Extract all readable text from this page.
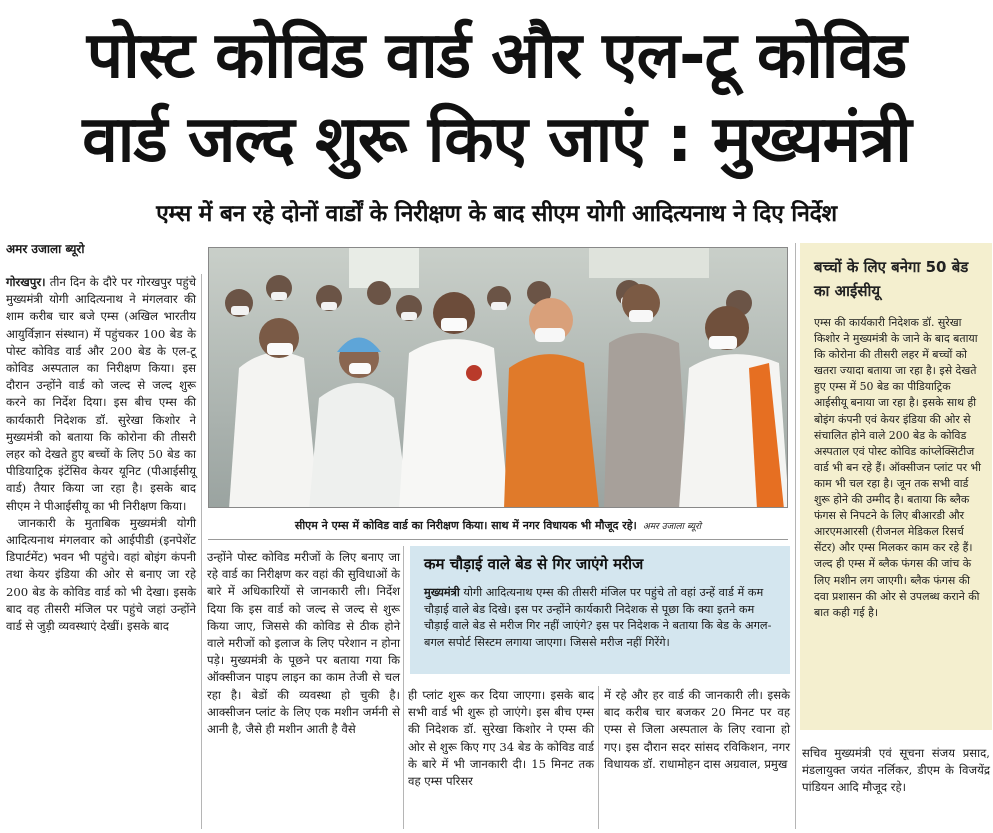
पोस्ट कोविड वार्ड और एल-टू कोविड
वार्ड जल्द शुरू किए जाएं : मुख्यमंत्री
एम्स में बन रहे दोनों वार्डों के निरीक्षण के बाद सीएम योगी आदित्यनाथ ने दिए निर्देश
अमर उजाला ब्यूरो

गोरखपुर। तीन दिन के दौरे पर गोरखपुर पहुंचे मुख्यमंत्री योगी आदित्यनाथ ने मंगलवार की शाम करीब चार बजे एम्स (अखिल भारतीय आयुर्विज्ञान संस्थान) में पहुंचकर 100 बेड के पोस्ट कोविड वार्ड और 200 बेड के एल-टू कोविड अस्पताल का निरीक्षण किया। इस दौरान उन्होंने वार्ड को जल्द से जल्द शुरू करने का निर्देश दिया। इस बीच एम्स की कार्यकारी निदेशक डॉ. सुरेखा किशोर ने मुख्यमंत्री को बताया कि कोरोना की तीसरी लहर को देखते हुए बच्चों के लिए 50 बेड का पीडियाट्रिक इंटेंसिव केयर यूनिट (पीआईसीयू वार्ड) तैयार किया जा रहा है। इसके बाद सीएम ने पीआईसीयू का भी निरीक्षण किया।

जानकारी के मुताबिक मुख्यमंत्री योगी आदित्यनाथ मंगलवार को आईपीडी (इनपेशेंट डिपार्टमेंट) भवन भी पहुंचे। वहां बोइंग कंपनी तथा केयर इंडिया की ओर से बनाए जा रहे 200 बेड के कोविड वार्ड को भी देखा। इसके बाद वह तीसरी मंजिल पर पहुंचे जहां उन्होंने वार्ड से जुड़ी व्यवस्थाएं देखीं। इसके बाद

सीएम ने एम्स में कोविड वार्ड का निरीक्षण किया। साथ में नगर विधायक भी मौजूद रहे। अमर उजाला ब्यूरो

उन्होंने पोस्ट कोविड मरीजों के लिए बनाए जा रहे वार्ड का निरीक्षण कर वहां की सुविधाओं के बारे में अधिकारियों से जानकारी ली। निर्देश दिया कि इस वार्ड को जल्द से जल्द से शुरू किया जाए, जिससे की कोविड से ठीक होने वाले मरीजों को इलाज के लिए परेशान न होना पड़े। मुख्यमंत्री के पूछने पर बताया गया कि ऑक्सीजन पाइप लाइन का काम तेजी से चल रहा है। बेडों की व्यवस्था हो चुकी है। आक्सीजन प्लांट के लिए एक मशीन जर्मनी से आनी है, जैसे ही मशीन आती है वैसे

कम चौड़ाई वाले बेड से गिर जाएंगे मरीज
मुख्यमंत्री योगी आदित्यनाथ एम्स की तीसरी मंजिल पर पहुंचे तो वहां उन्हें वार्ड में कम चौड़ाई वाले बेड दिखे। इस पर उन्होंने कार्यकारी निदेशक से पूछा कि क्या इतने कम चौड़ाई वाले बेड से मरीज गिर नहीं जाएंगे? इस पर निदेशक ने बताया कि बेड के अगल-बगल सपोर्ट सिस्टम लगाया जाएगा। जिससे मरीज नहीं गिरेंगे।

ही प्लांट शुरू कर दिया जाएगा। इसके बाद सभी वार्ड भी शुरू हो जाएंगे। इस बीच एम्स की निदेशक डॉ. सुरेखा किशोर ने एम्स की ओर से शुरू किए गए 34 बेड के कोविड वार्ड के बारे में भी जानकारी दी। 15 मिनट तक वह एम्स परिसर

में रहे और हर वार्ड की जानकारी ली। इसके बाद करीब चार बजकर 20 मिनट पर वह एम्स से जिला अस्पताल के लिए रवाना हो गए। इस दौरान सदर सांसद रविकिशन, नगर विधायक डॉ. राधामोहन दास अग्रवाल, प्रमुख

बच्चों के लिए बनेगा 50 बेड का आईसीयू
एम्स की कार्यकारी निदेशक डॉ. सुरेखा किशोर ने मुख्यमंत्री के जाने के बाद बताया कि कोरोना की तीसरी लहर में बच्चों को खतरा ज्यादा बताया जा रहा है। इसे देखते हुए एम्स में 50 बेड का पीडियाट्रिक आईसीयू बनाया जा रहा है। इसके साथ ही बोइंग कंपनी एवं केयर इंडिया की ओर से संचालित होने वाले 200 बेड के कोविड अस्पताल एवं पोस्ट कोविड कांप्लेक्सिटीज वार्ड भी बन रहे हैं। ऑक्सीजन प्लांट पर भी काम भी चल रहा है। जून तक सभी वार्ड शुरू होने की उम्मीद है। बताया कि ब्लैक फंगस से निपटने के लिए बीआरडी और आरएमआरसी (रीजनल मेडिकल रिसर्च सेंटर) और एम्स मिलकर काम कर रहे हैं। जल्द ही एम्स में ब्लैक फंगस की जांच के लिए मशीन लग जाएगी। ब्लैक फंगस की दवा प्रशासन की ओर से उपलब्ध कराने की बात कही गई है।

सचिव मुख्यमंत्री एवं सूचना संजय प्रसाद, मंडलायुक्त जयंत नर्लिकर, डीएम के विजयेंद्र पांडियन आदि मौजूद रहे।
